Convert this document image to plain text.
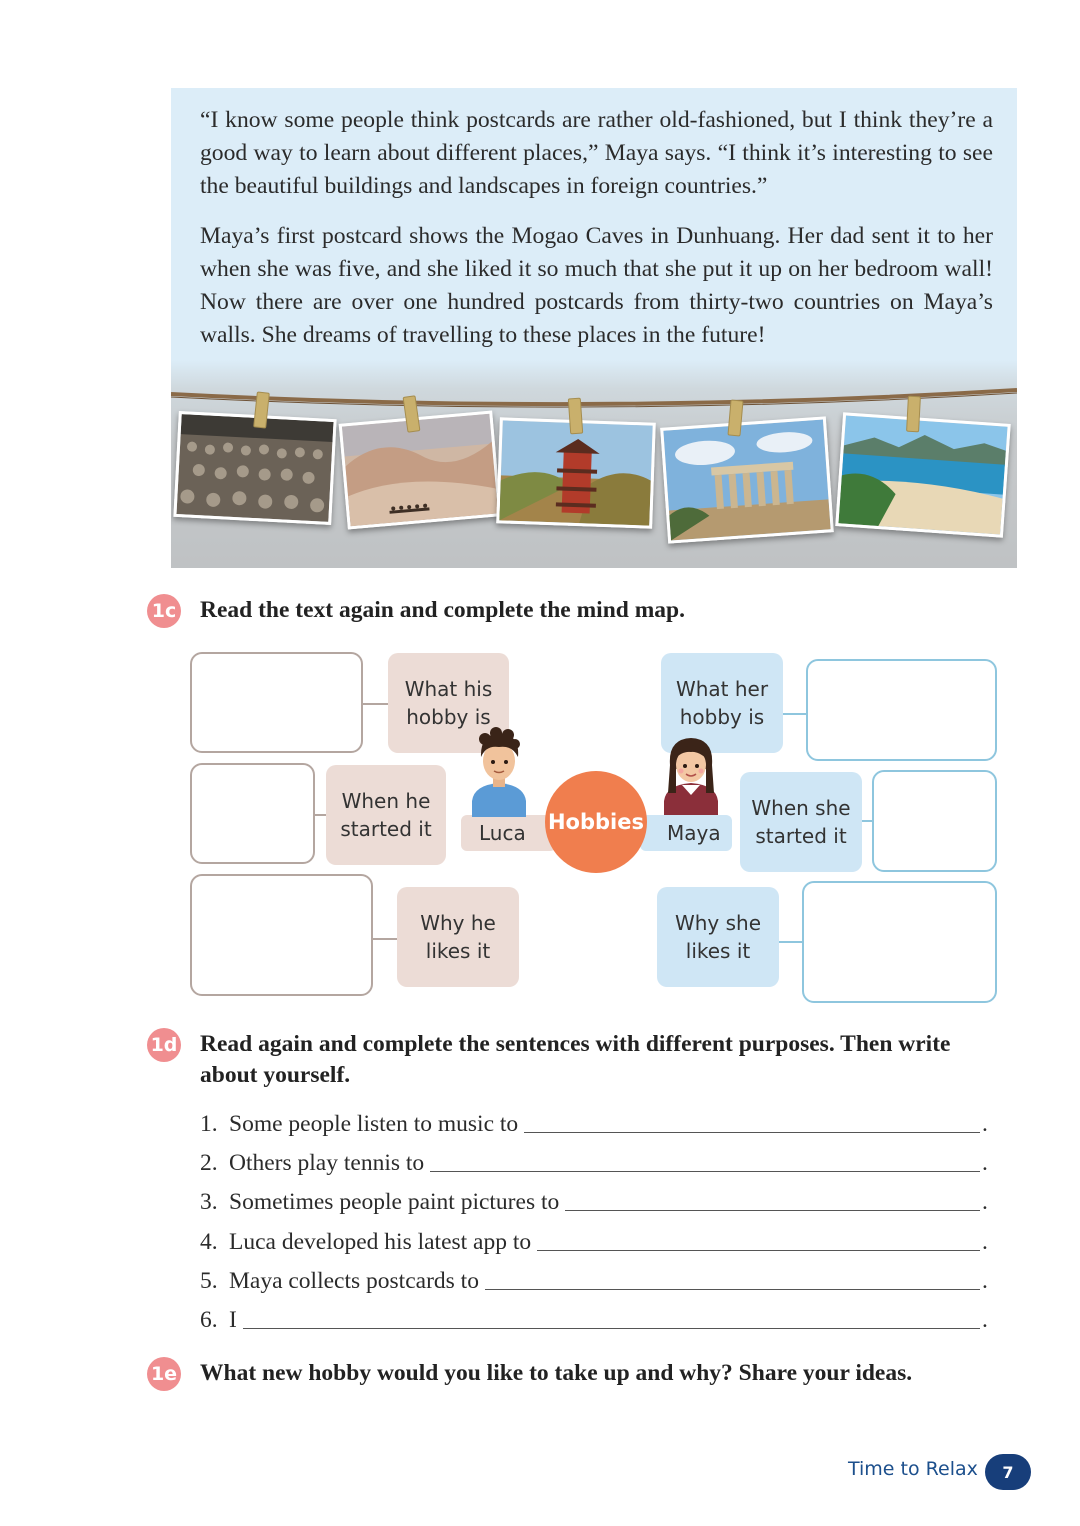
“I know some people think postcards are rather old-fashioned, but I think they’re a good way to learn about different places,” Maya says. “I think it’s interesting to see the beautiful buildings and landscapes in foreign countries.”

Maya’s first postcard shows the Mogao Caves in Dunhuang. Her dad sent it to her when she was five, and she liked it so much that she put it up on her bedroom wall! Now there are over one hundred postcards from thirty-two countries on Maya’s walls. She dreams of travelling to these places in the future!

1c Read the text again and complete the mind map.
What his hobby is
When he started it
Why he likes it
What her hobby is
When she started it
Why she likes it
Luca	Maya
Hobbies
1d Read again and complete the sentences with different purposes. Then write about yourself.
1. Some people listen to music to	.
2. Others play tennis to	.
3. Sometimes people paint pictures to	.
4. Luca developed his latest app to	.
5. Maya collects postcards to	.
6. I	.
1e What new hobby would you like to take up and why? Share your ideas.
Time to Relax	7
